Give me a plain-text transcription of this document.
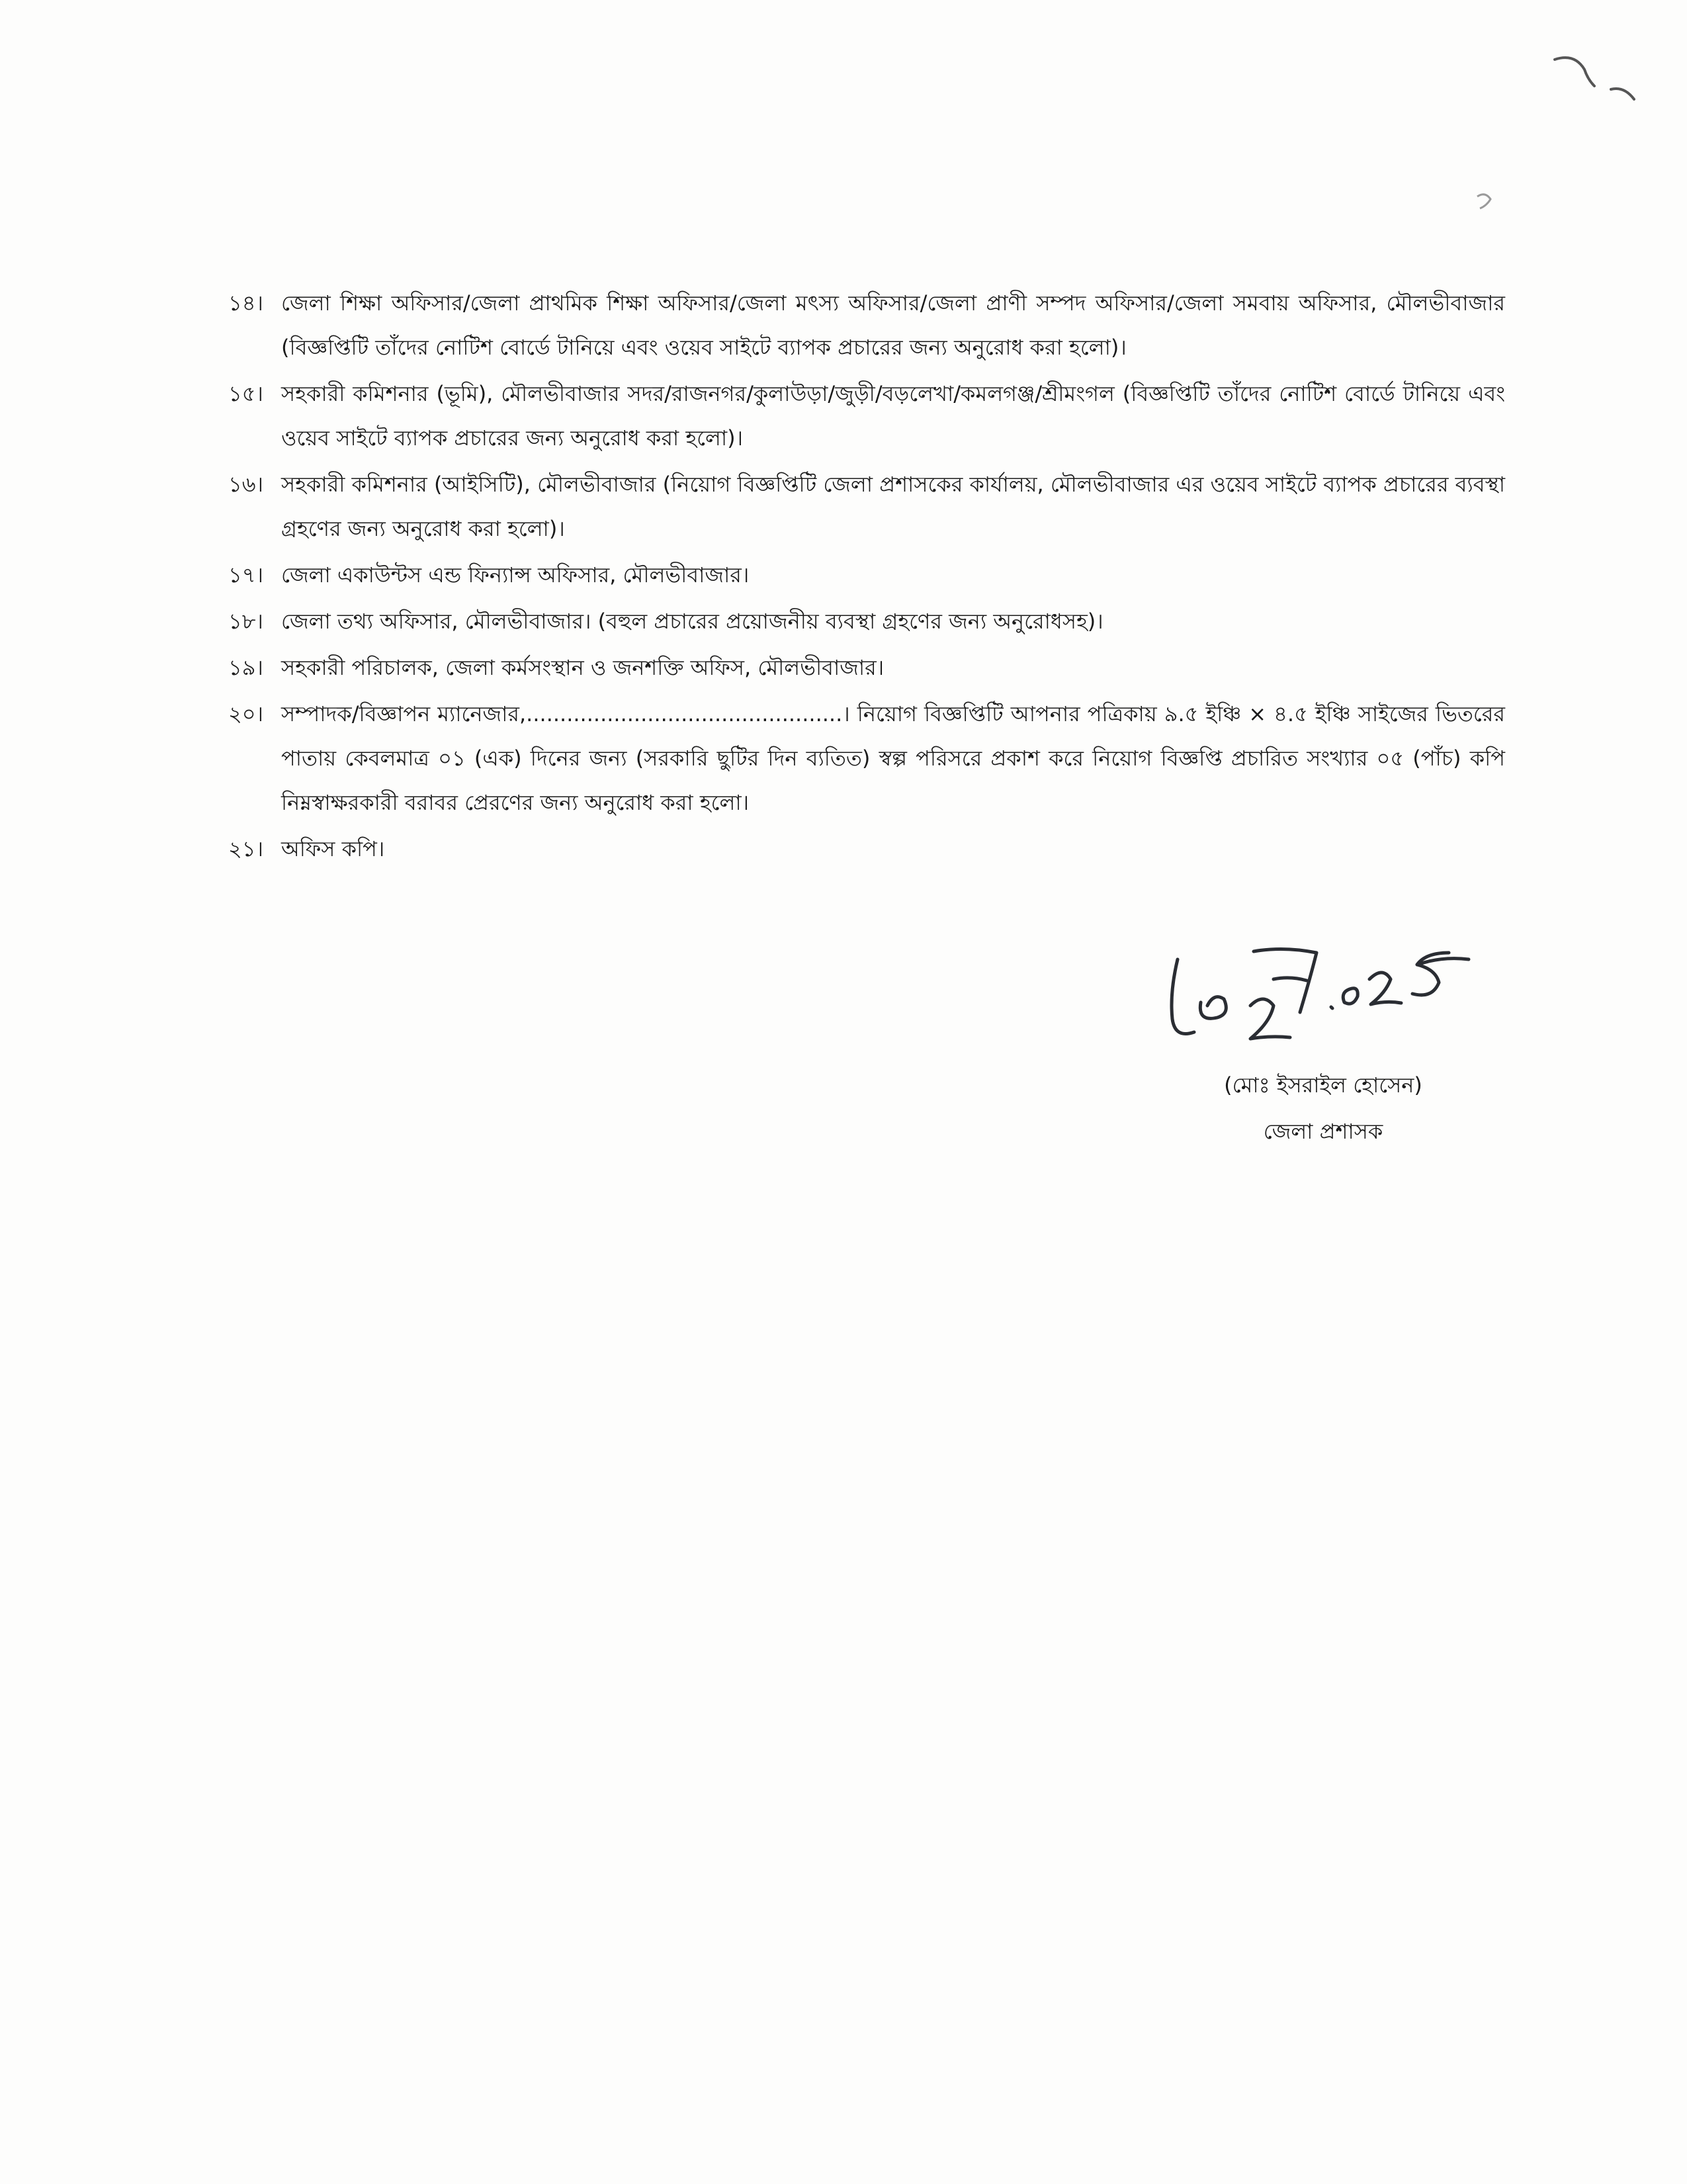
১৪। জেলা শিক্ষা অফিসার/জেলা প্রাথমিক শিক্ষা অফিসার/জেলা মৎস্য অফিসার/জেলা প্রাণী সম্পদ অফিসার/জেলা সমবায় অফিসার, মৌলভীবাজার (বিজ্ঞপ্তিটি তাঁদের নোটিশ বোর্ডে টানিয়ে এবং ওয়েব সাইটে ব্যাপক প্রচারের জন্য অনুরোধ করা হলো)।
১৫। সহকারী কমিশনার (ভূমি), মৌলভীবাজার সদর/রাজনগর/কুলাউড়া/জুড়ী/বড়লেখা/কমলগঞ্জ/শ্রীমংগল (বিজ্ঞপ্তিটি তাঁদের নোটিশ বোর্ডে টানিয়ে এবং ওয়েব সাইটে ব্যাপক প্রচারের জন্য অনুরোধ করা হলো)।
১৬। সহকারী কমিশনার (আইসিটি), মৌলভীবাজার (নিয়োগ বিজ্ঞপ্তিটি জেলা প্রশাসকের কার্যালয়, মৌলভীবাজার এর ওয়েব সাইটে ব্যাপক প্রচারের ব্যবস্থা গ্রহণের জন্য অনুরোধ করা হলো)।
১৭। জেলা একাউন্টস এন্ড ফিন্যান্স অফিসার, মৌলভীবাজার।
১৮। জেলা তথ্য অফিসার, মৌলভীবাজার। (বহুল প্রচারের প্রয়োজনীয় ব্যবস্থা গ্রহণের জন্য অনুরোধসহ)।
১৯। সহকারী পরিচালক, জেলা কর্মসংস্থান ও জনশক্তি অফিস, মৌলভীবাজার।
২০। সম্পাদক/বিজ্ঞাপন ম্যানেজার,...............................................। নিয়োগ বিজ্ঞপ্তিটি আপনার পত্রিকায় ৯.৫ ইঞ্চি × ৪.৫ ইঞ্চি সাইজের ভিতরের পাতায় কেবলমাত্র ০১ (এক) দিনের জন্য (সরকারি ছুটির দিন ব্যতিত) স্বল্প পরিসরে প্রকাশ করে নিয়োগ বিজ্ঞপ্তি প্রচারিত সংখ্যার ০৫ (পাঁচ) কপি নিম্নস্বাক্ষরকারী বরাবর প্রেরণের জন্য অনুরোধ করা হলো।
২১। অফিস কপি।
(মোঃ ইসরাইল হোসেন)
জেলা প্রশাসক
